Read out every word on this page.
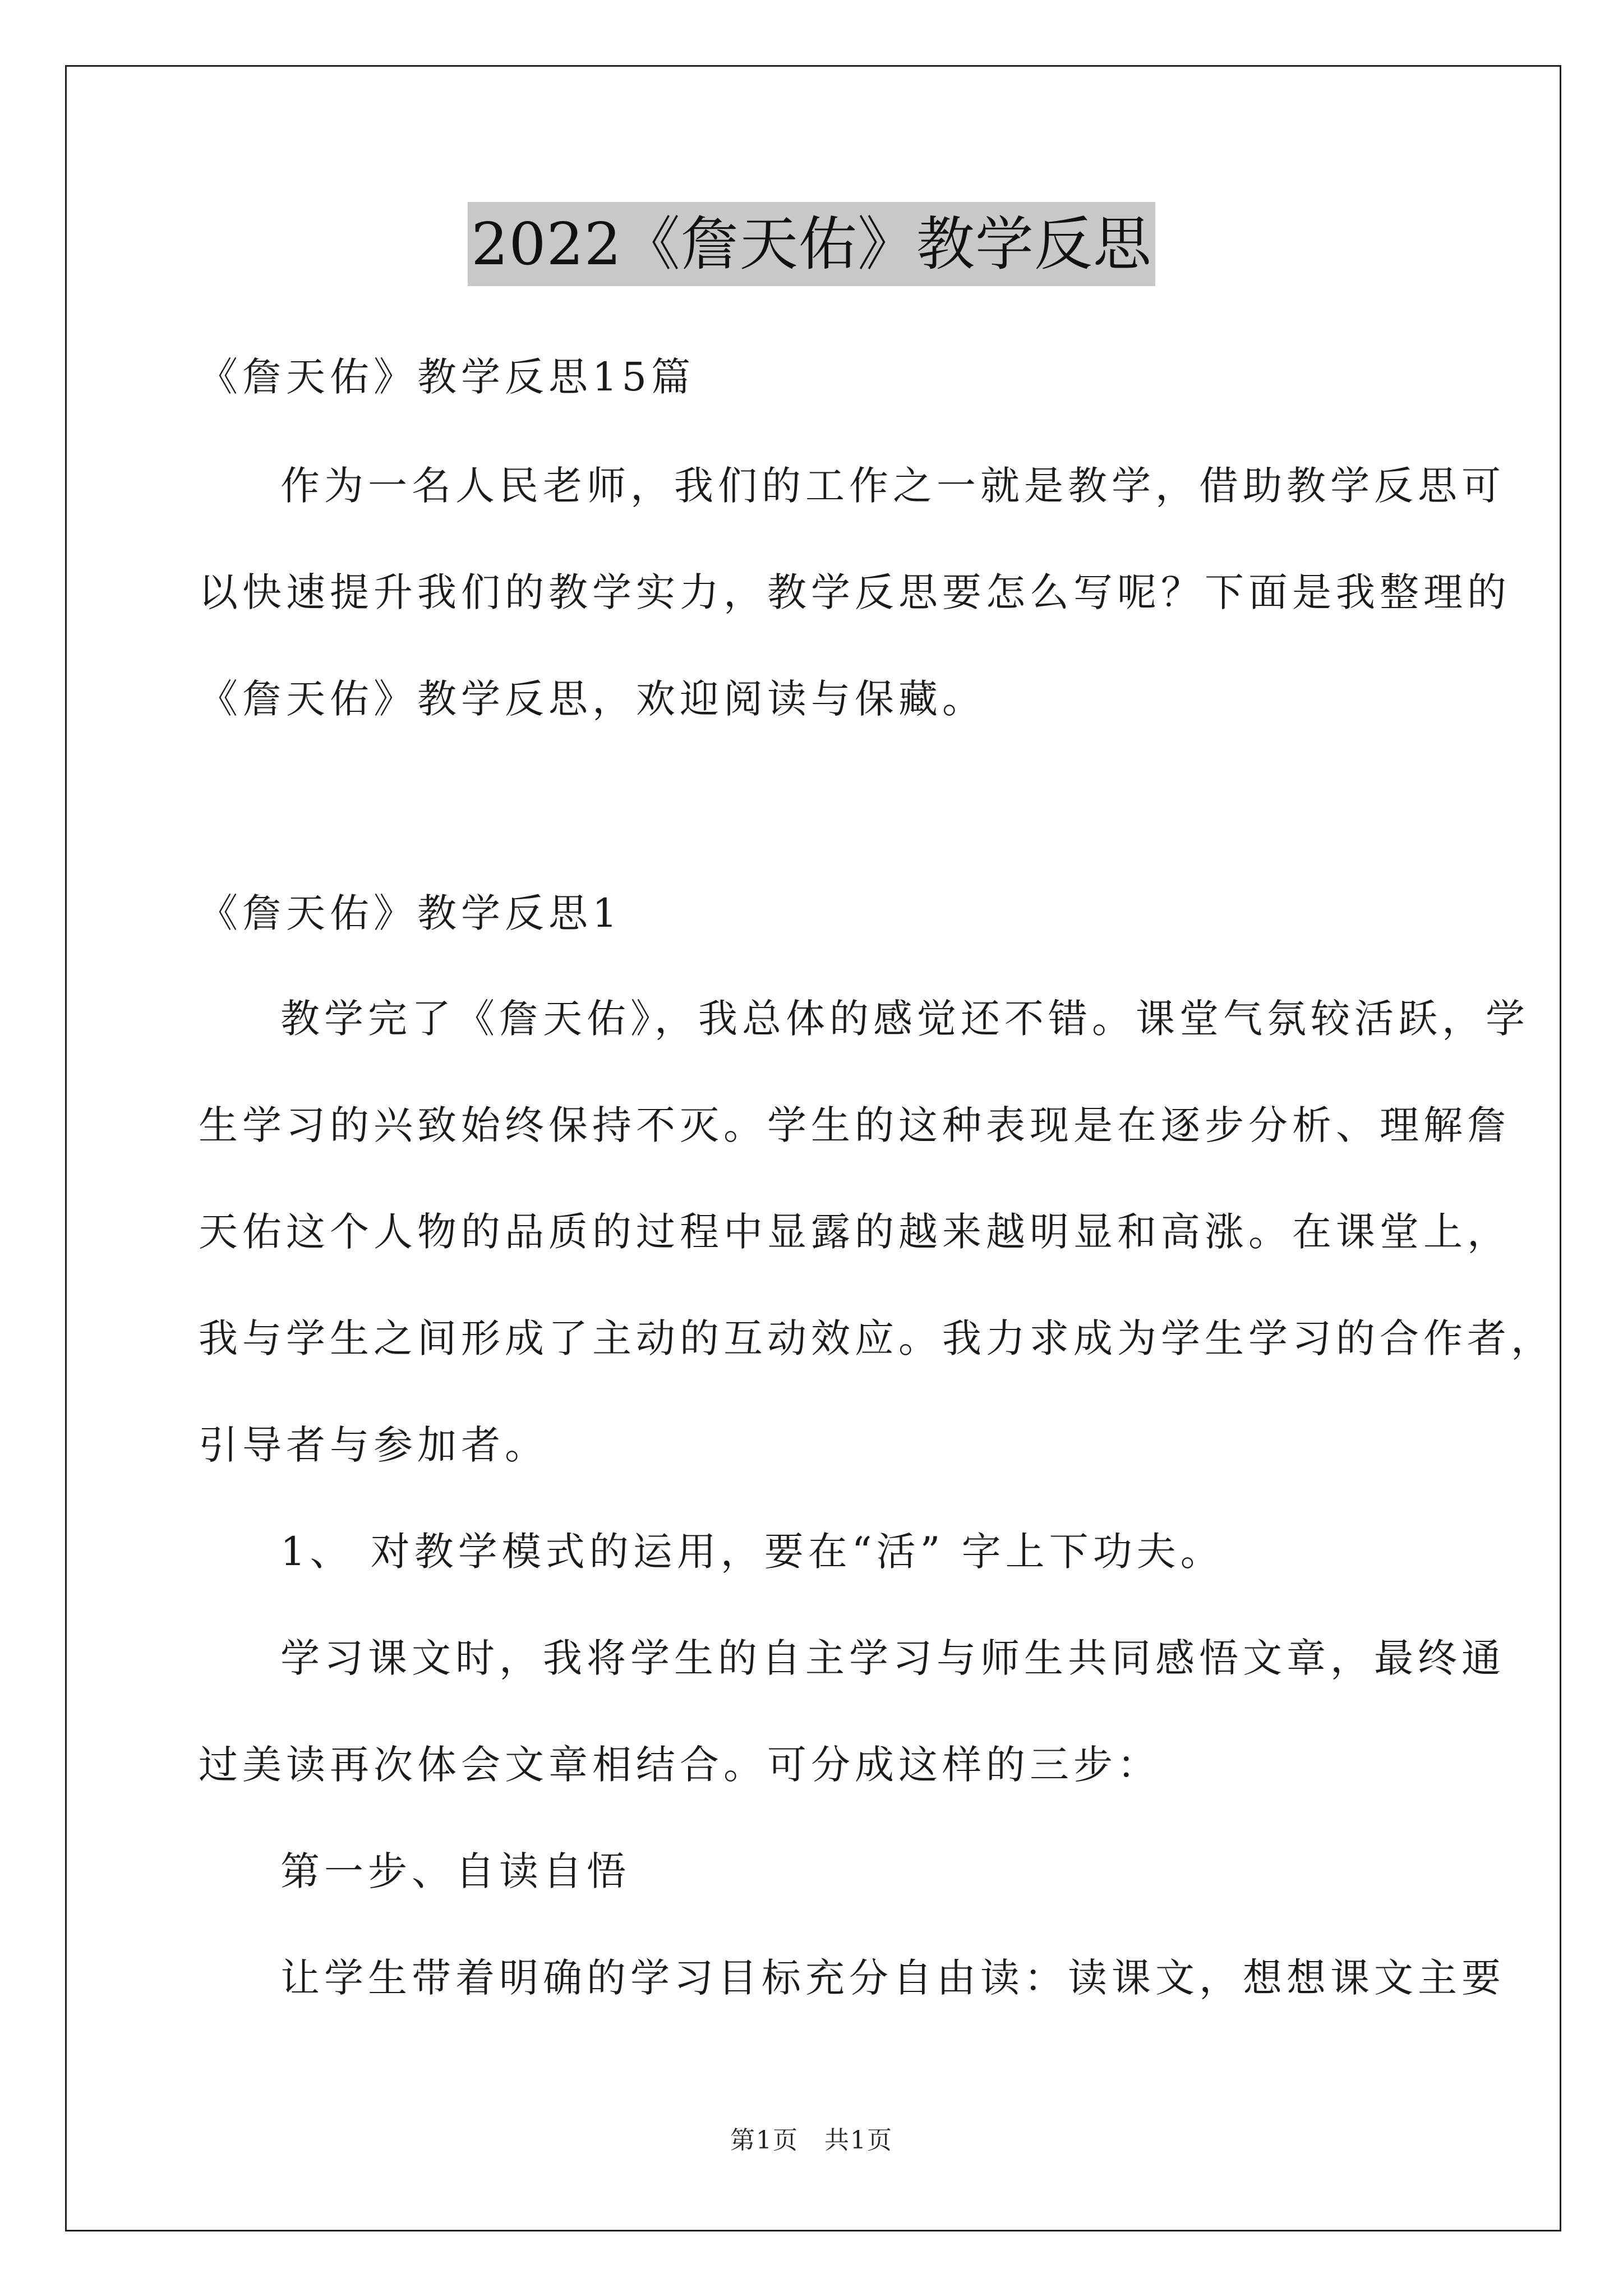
2022《詹天佑》教学反思
《詹天佑》教学反思15篇
作为一名人民老师，我们的工作之一就是教学，借助教学反思可
以快速提升我们的教学实力，教学反思要怎么写呢？下面是我整理的
《詹天佑》教学反思，欢迎阅读与保藏。
《詹天佑》教学反思1
教学完了《詹天佑》，我总体的感觉还不错。课堂气氛较活跃，学
生学习的兴致始终保持不灭。学生的这种表现是在逐步分析、理解詹
天佑这个人物的品质的过程中显露的越来越明显和高涨。在课堂上，
我与学生之间形成了主动的互动效应。我力求成为学生学习的合作者，
引导者与参加者。
1、 对教学模式的运用，要在“活” 字上下功夫。
学习课文时，我将学生的自主学习与师生共同感悟文章，最终通
过美读再次体会文章相结合。可分成这样的三步：
第一步、自读自悟
让学生带着明确的学习目标充分自由读：读课文，想想课文主要
第1页　共1页
